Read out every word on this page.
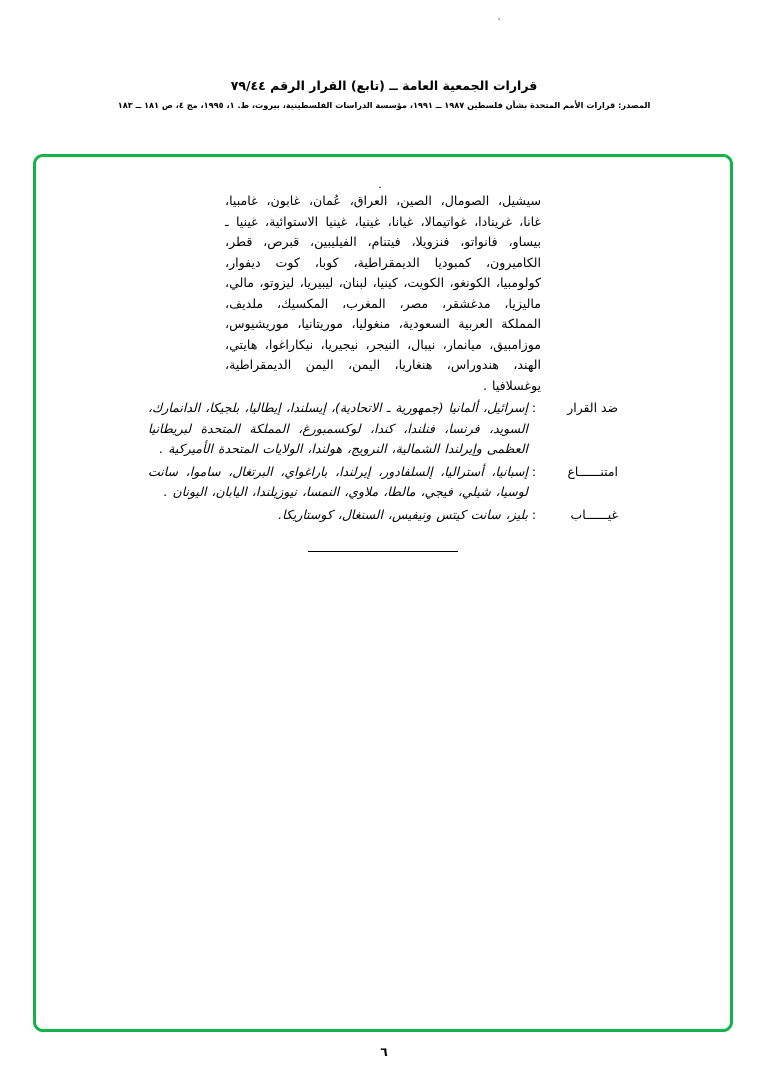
قرارات الجمعية العامة ــ (تابع) القرار الرقم ٧٩/٤٤
المصدر: قرارات الأمم المتحدة بشأن فلسطين ١٩٨٧ ــ ١٩٩١، مؤسسة الدراسات الفلسطينية، بيروت، ط. ١، ١٩٩٥، مج ٤، ص ١٨١ ــ ١٨٣
.
سيشيل، الصومال، الصين، العراق، عُمان، غابون، غامبيا، غانا، غرينادا، غواتيمالا، غيانا، غينيا، غينيا الاستوائية، غينيا ـ بيساو، فانواتو، فنزويلا، فيتنام، الفيليبين، قبرص، قطر، الكاميرون، كمبوديا الديمقراطية، كوبا، كوت ديفوار، كولومبيا، الكونغو، الكويت، كينيا، لبنان، ليبيريا، ليزوتو، مالي، ماليزيا، مدغشقر، مصر، المغرب، المكسيك، ملديف، المملكة العربية السعودية، منغوليا، موريتانيا، موريشيوس، موزامبيق، ميانمار، نيبال، النيجر، نيجيريا، نيكاراغوا، هايتي، الهند، هندوراس، هنغاريا، اليمن، اليمن الديمقراطية، يوغسلافيا .
ضد القرار
:
إسرائيل، ألمانيا (جمهورية ـ الاتحادية)، إيسلندا، إيطاليا، بلجيكا، الدانمارك، السويد، فرنسا، فنلندا، كندا، لوكسمبورغ، المملكة المتحدة لبريطانيا العظمى وإيرلندا الشمالية، النرويج، هولندا، الولايات المتحدة الأميركية .
امتنــــــاع
:
إسبانيا، أستراليا، إلسلفادور، إيرلندا، باراغواي، البرتغال، ساموا، سانت لوسيا، شيلي، فيجي، مالطا، ملاوي، النمسا، نيوزيلندا، اليابان، اليونان .
غيــــــاب
:
بليز، سانت كيتس ونيفيس، السنغال، كوستاريكا.
٦
